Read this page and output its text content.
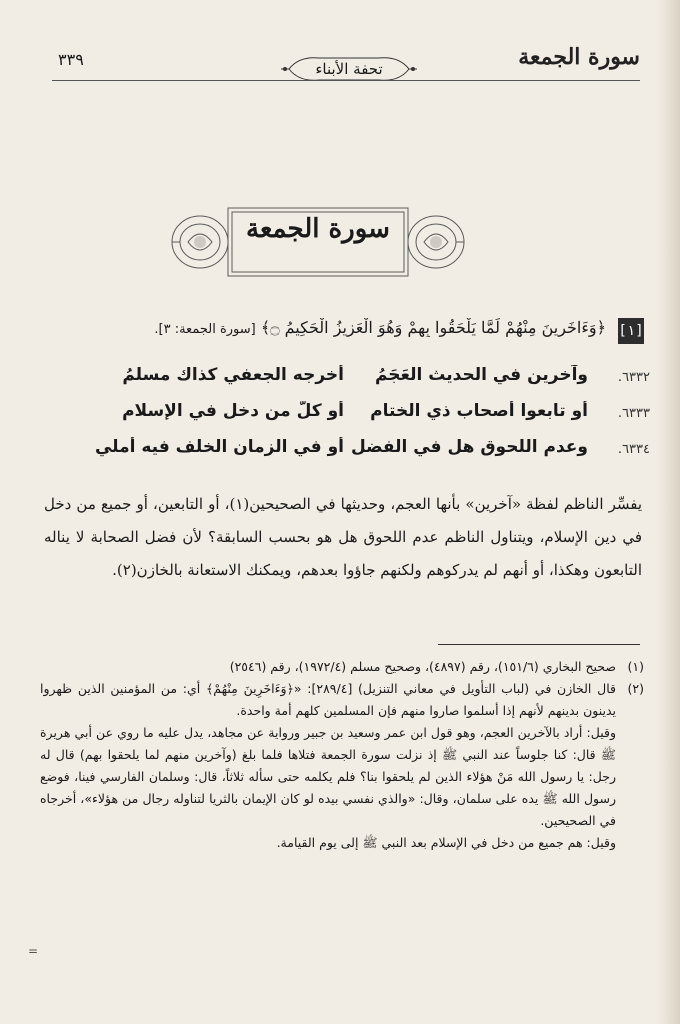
سورة الجمعة
تحفة الأبناء
٣٣٩
سورة الجمعة
[١]
﴿وَءَاخَرِينَ مِنْهُمْ لَمَّا يَلْحَقُوا بِهِمْ وَهُوَ الْعَزِيزُ الْحَكِيمُ ۝﴾ [سورة الجمعة: ٣].
٦٣٣٢.
وآخرين في الحديث العَجَمُ
أخرجه الجعفي كذاك مسلمُ
٦٣٣٣.
أو تابعوا أصحاب ذي الختام
أو كلُّ من دخل في الإسلام
٦٣٣٤.
وعدم اللحوق هل في الفضل
أو في الزمان الخلف فيه أُملي
يفسِّر الناظم لفظة «آخرين» بأنها العجم، وحديثها في الصحيحين(١)، أو التابعين، أو جميع من دخل في دين الإسلام، ويتناول الناظم عدم اللحوق هل هو بحسب السابقة؟ لأن فضل الصحابة لا يناله التابعون وهكذا، أو أنهم لم يدركوهم ولكنهم جاؤوا بعدهم، ويمكنك الاستعانة بالخازن(٢).
(١)

صحيح البخاري (١٥١/٦)، رقم (٤٨٩٧)، وصحيح مسلم (١٩٧٢/٤)، رقم (٢٥٤٦)

(٢)

قال الخازن في (لباب التأويل في معاني التنزيل) [٢٨٩/٤]: «﴿وَءَاخَرِينَ مِنْهُمْ﴾ أي: من المؤمنين الذين ظهروا يدينون بدينهم لأنهم إذا أسلموا صاروا منهم فإن المسلمين كلهم أمة واحدة.

وقيل: أراد بالآخرين العجم، وهو قول ابن عمر وسعيد بن جبير ورواية عن مجاهد، يدل عليه ما روي عن أبي هريرة ﷺ قال: كنا جلوساً عند النبي ﷺ إذ نزلت سورة الجمعة فتلاها فلما بلغ (وآخرين منهم لما يلحقوا بهم) قال له رجل: يا رسول الله مَنْ هؤلاء الذين لم يلحقوا بنا؟ فلم يكلمه حتى سأله ثلاثاً، قال: وسلمان الفارسي فينا، فوضع رسول الله ﷺ يده على سلمان، وقال: «والذي نفسي بيده لو كان الإيمان بالثريا لتناوله رجال من هؤلاء»، أخرجاه في الصحيحين.

وقيل: هم جميع من دخل في الإسلام بعد النبي ﷺ إلى يوم القيامة.

=
